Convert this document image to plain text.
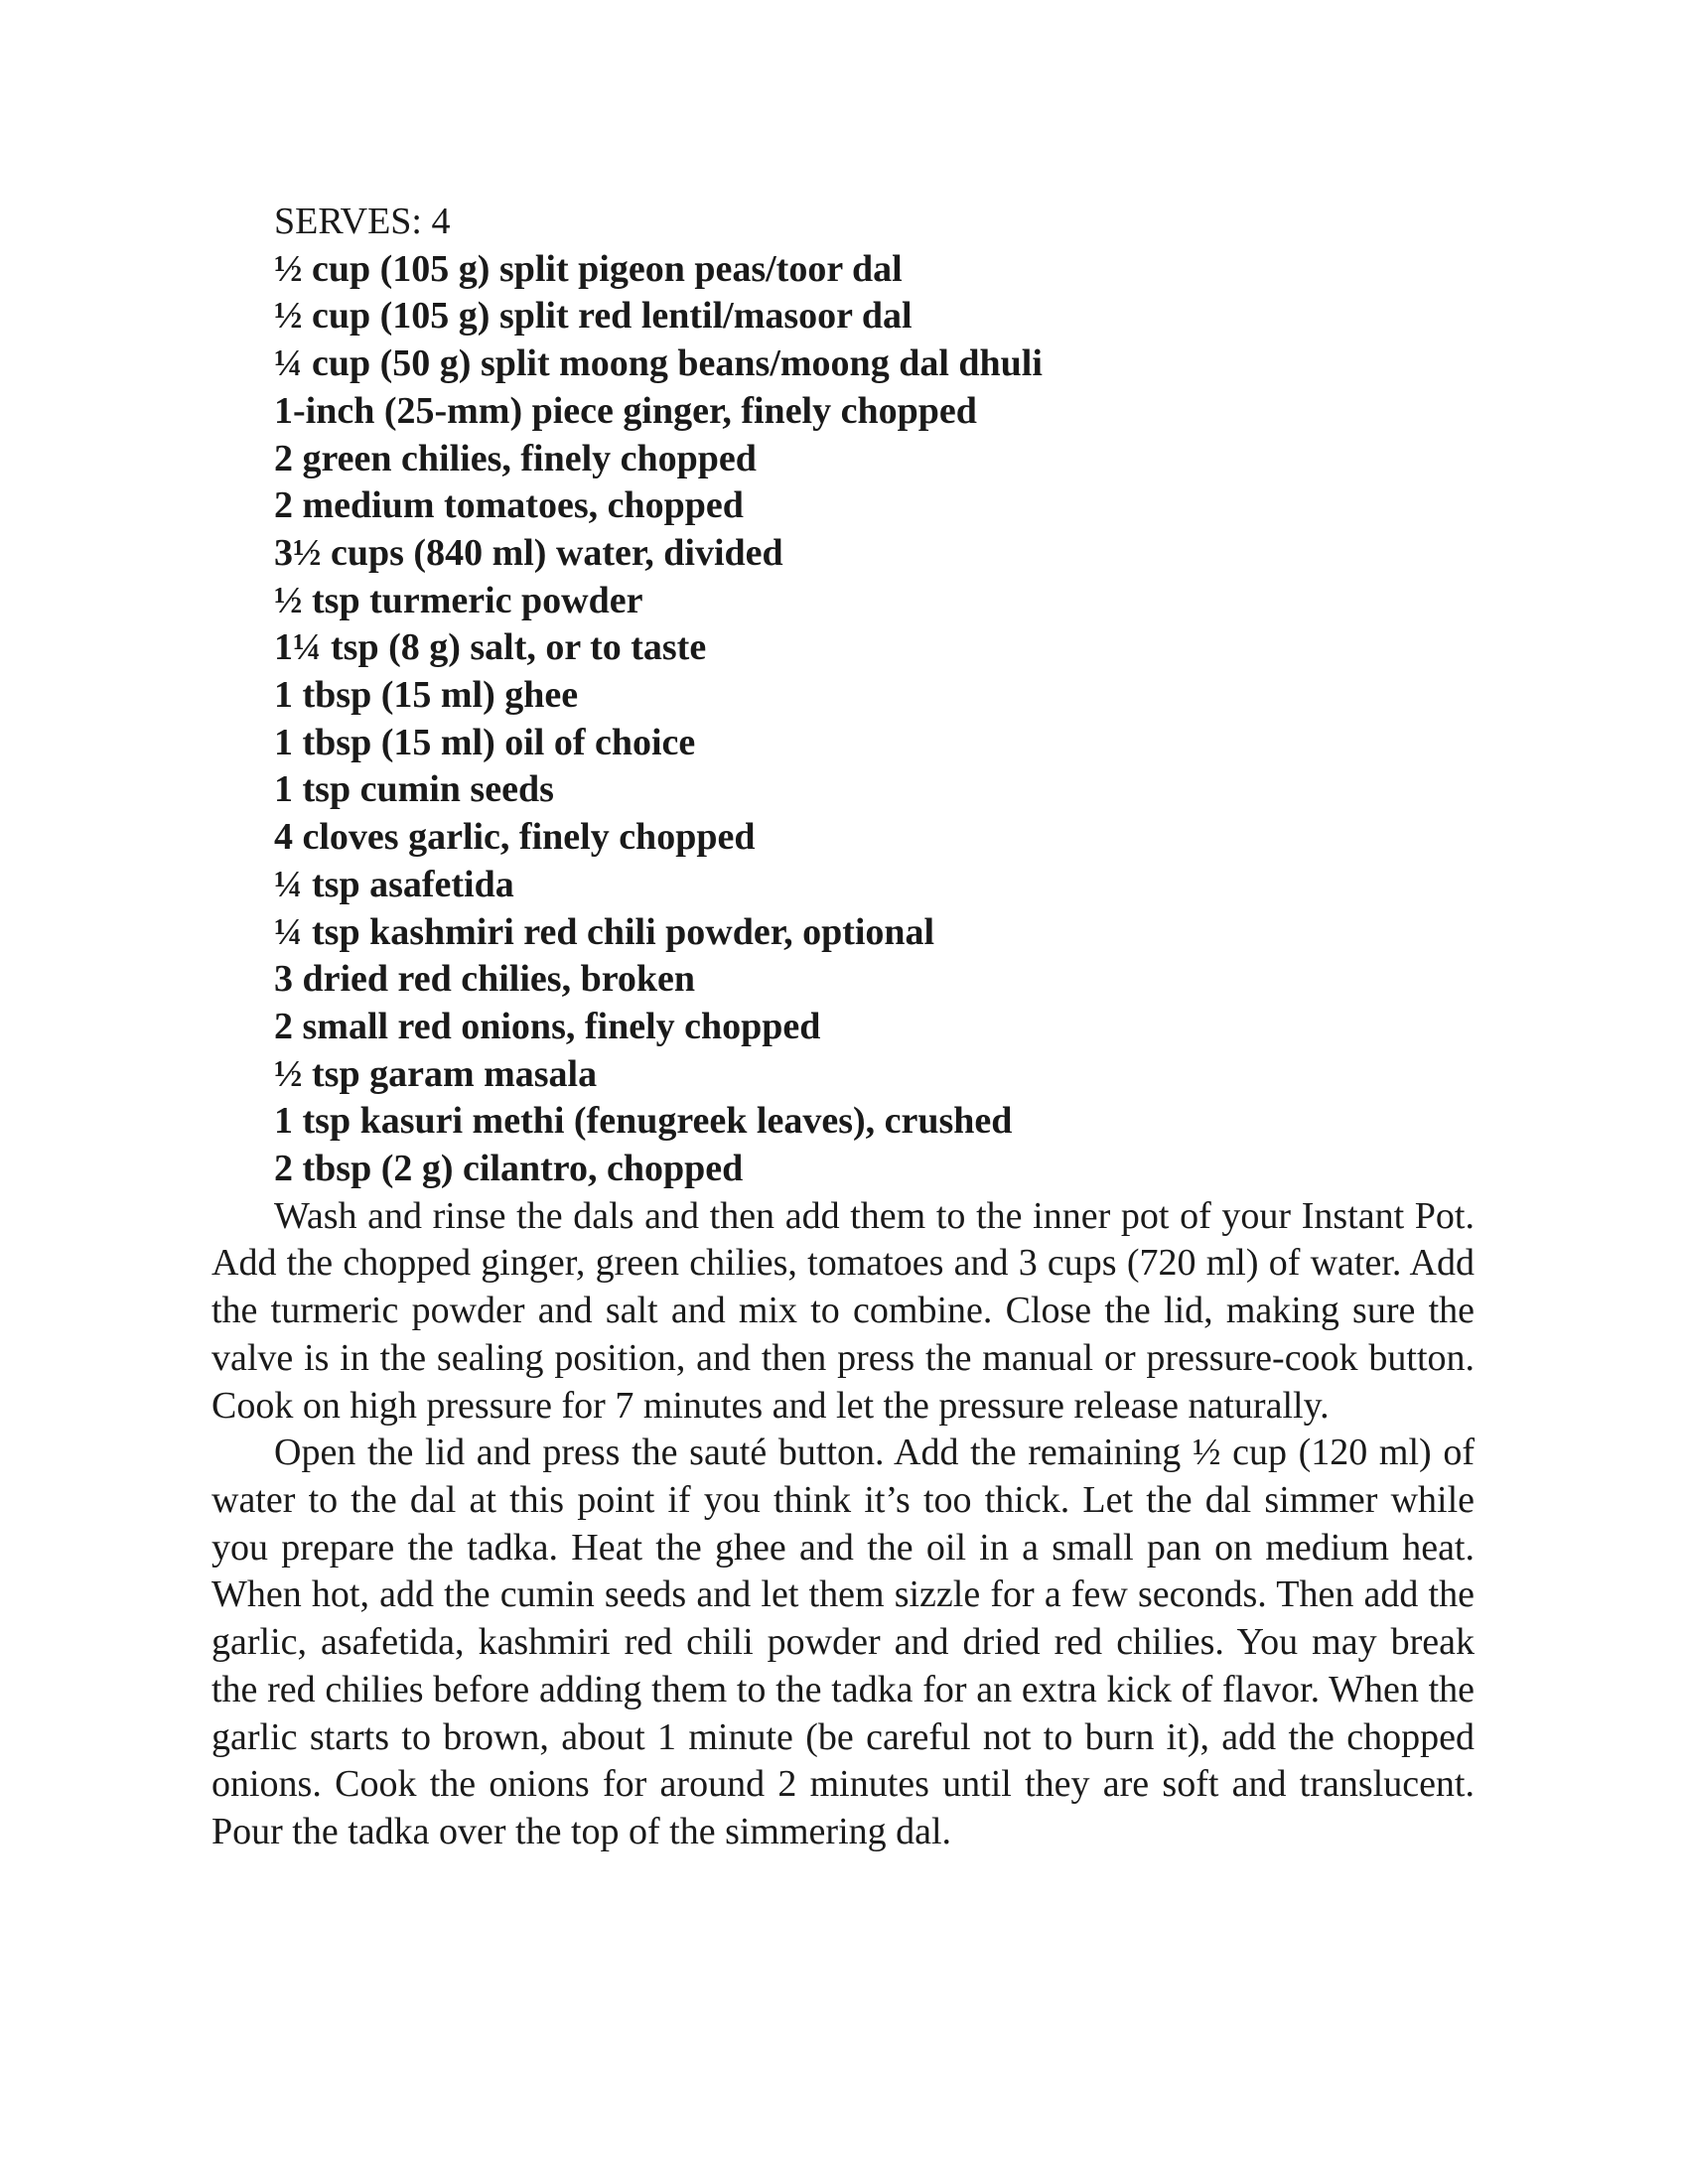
SERVES: 4
½ cup (105 g) split pigeon peas/toor dal
½ cup (105 g) split red lentil/masoor dal
¼ cup (50 g) split moong beans/moong dal dhuli
1-inch (25-mm) piece ginger, finely chopped
2 green chilies, finely chopped
2 medium tomatoes, chopped
3½ cups (840 ml) water, divided
½ tsp turmeric powder
1¼ tsp (8 g) salt, or to taste
1 tbsp (15 ml) ghee
1 tbsp (15 ml) oil of choice
1 tsp cumin seeds
4 cloves garlic, finely chopped
¼ tsp asafetida
¼ tsp kashmiri red chili powder, optional
3 dried red chilies, broken
2 small red onions, finely chopped
½ tsp garam masala
1 tsp kasuri methi (fenugreek leaves), crushed
2 tbsp (2 g) cilantro, chopped

Wash and rinse the dals and then add them to the inner pot of your Instant Pot. Add the chopped ginger, green chilies, tomatoes and 3 cups (720 ml) of water. Add the turmeric powder and salt and mix to combine. Close the lid, making sure the valve is in the sealing position, and then press the manual or pressure-cook button. Cook on high pressure for 7 minutes and let the pressure release naturally.

Open the lid and press the sauté button. Add the remaining ½ cup (120 ml) of water to the dal at this point if you think it’s too thick. Let the dal simmer while you prepare the tadka. Heat the ghee and the oil in a small pan on medium heat. When hot, add the cumin seeds and let them sizzle for a few seconds. Then add the garlic, asafetida, kashmiri red chili powder and dried red chilies. You may break the red chilies before adding them to the tadka for an extra kick of flavor. When the garlic starts to brown, about 1 minute (be careful not to burn it), add the chopped onions. Cook the onions for around 2 minutes until they are soft and translucent. Pour the tadka over the top of the simmering dal.
